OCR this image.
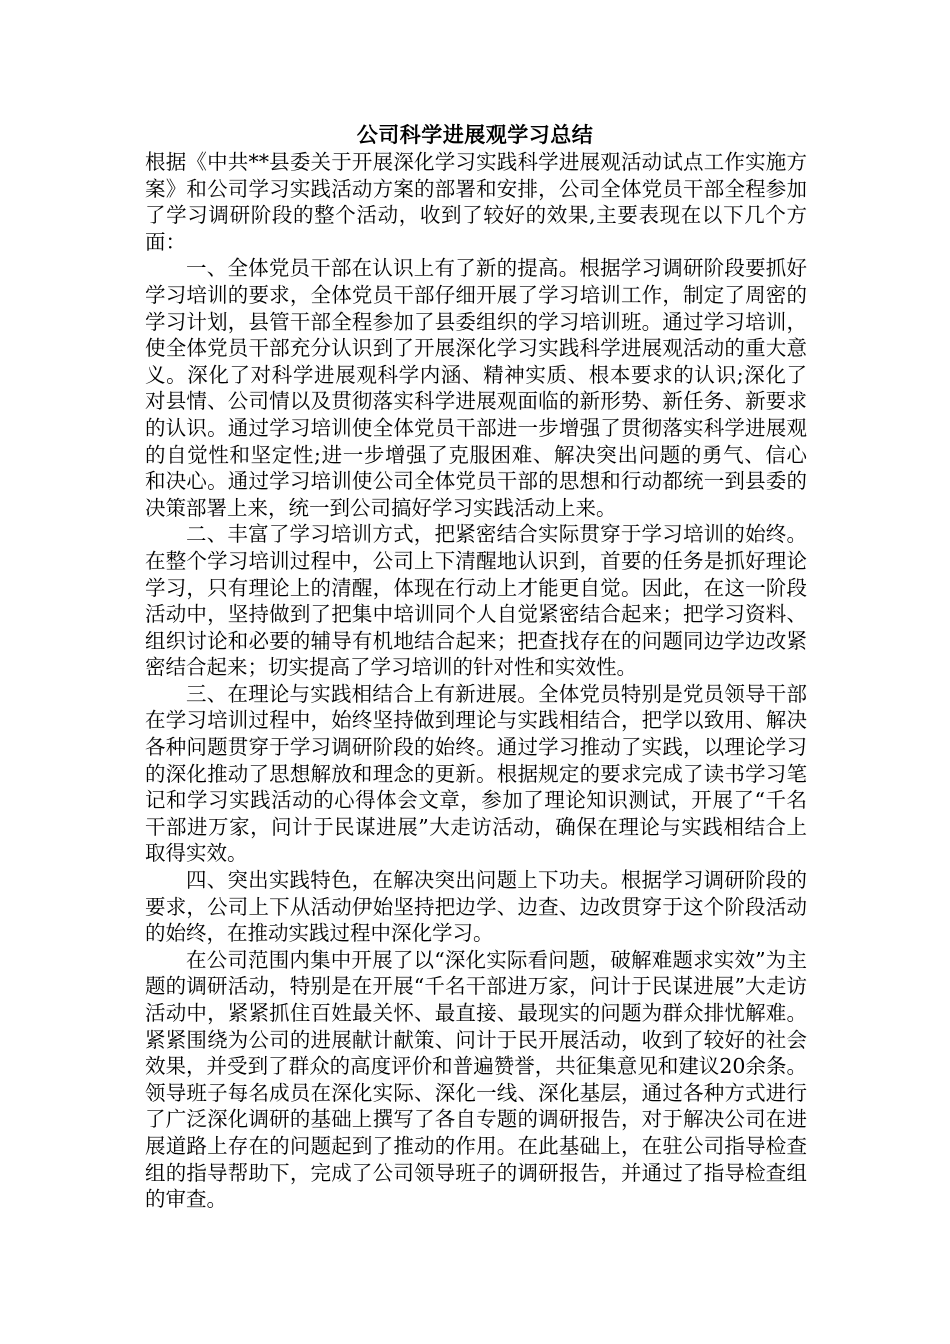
公司科学进展观学习总结

根据《中共**县委关于开展深化学习实践科学进展观活动试点工作实施方案》和公司学习实践活动方案的部署和安排，公司全体党员干部全程参加了学习调研阶段的整个活动，收到了较好的效果,主要表现在以下几个方面：

一、全体党员干部在认识上有了新的提高。根据学习调研阶段要抓好学习培训的要求，全体党员干部仔细开展了学习培训工作，制定了周密的学习计划，县管干部全程参加了县委组织的学习培训班。通过学习培训，使全体党员干部充分认识到了开展深化学习实践科学进展观活动的重大意义。深化了对科学进展观科学内涵、精神实质、根本要求的认识;深化了对县情、公司情以及贯彻落实科学进展观面临的新形势、新任务、新要求的认识。通过学习培训使全体党员干部进一步增强了贯彻落实科学进展观的自觉性和坚定性;进一步增强了克服困难、解决突出问题的勇气、信心和决心。通过学习培训使公司全体党员干部的思想和行动都统一到县委的决策部署上来，统一到公司搞好学习实践活动上来。

二、丰富了学习培训方式，把紧密结合实际贯穿于学习培训的始终。在整个学习培训过程中，公司上下清醒地认识到，首要的任务是抓好理论学习，只有理论上的清醒，体现在行动上才能更自觉。因此，在这一阶段活动中，坚持做到了把集中培训同个人自觉紧密结合起来；把学习资料、组织讨论和必要的辅导有机地结合起来；把查找存在的问题同边学边改紧密结合起来；切实提高了学习培训的针对性和实效性。

三、在理论与实践相结合上有新进展。全体党员特别是党员领导干部在学习培训过程中，始终坚持做到理论与实践相结合，把学以致用、解决各种问题贯穿于学习调研阶段的始终。通过学习推动了实践，以理论学习的深化推动了思想解放和理念的更新。根据规定的要求完成了读书学习笔记和学习实践活动的心得体会文章，参加了理论知识测试，开展了“千名干部进万家，问计于民谋进展”大走访活动，确保在理论与实践相结合上取得实效。

四、突出实践特色，在解决突出问题上下功夫。根据学习调研阶段的要求，公司上下从活动伊始坚持把边学、边查、边改贯穿于这个阶段活动的始终，在推动实践过程中深化学习。

在公司范围内集中开展了以“深化实际看问题，破解难题求实效”为主题的调研活动，特别是在开展“千名干部进万家，问计于民谋进展”大走访活动中，紧紧抓住百姓最关怀、最直接、最现实的问题为群众排忧解难。紧紧围绕为公司的进展献计献策、问计于民开展活动，收到了较好的社会效果，并受到了群众的高度评价和普遍赞誉，共征集意见和建议20余条。领导班子每名成员在深化实际、深化一线、深化基层，通过各种方式进行了广泛深化调研的基础上撰写了各自专题的调研报告，对于解决公司在进展道路上存在的问题起到了推动的作用。在此基础上，在驻公司指导检查组的指导帮助下，完成了公司领导班子的调研报告，并通过了指导检查组的审查。
